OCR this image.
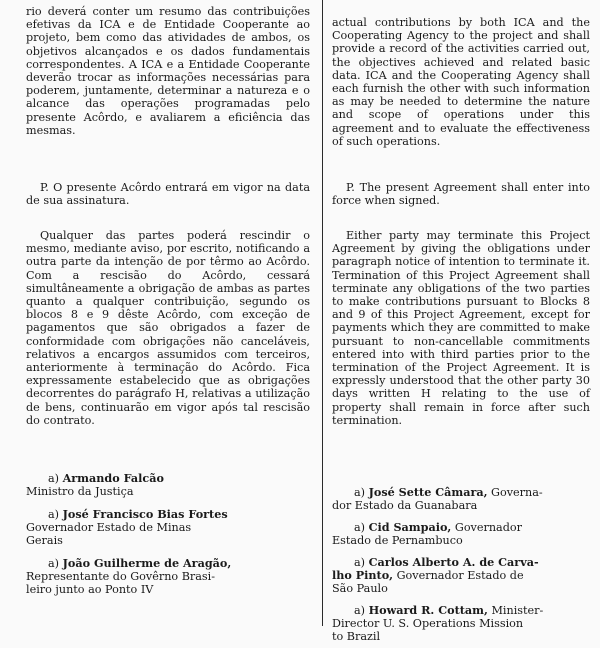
rio deverá conter um resumo das contribuições efetivas da ICA e de Entidade Cooperante ao projeto, bem como das atividades de ambos, os objetivos alcançados e os dados fundamentais correspondentes. A ICA e a Entidade Cooperante deverão trocar as informações necessárias para poderem, juntamente, determinar a natureza e o alcance das operações programadas pelo presente Acôrdo, e avaliarem a eficiência das mesmas.

P. O presente Acôrdo entrará em vigor na data de sua assinatura.

Qualquer das partes poderá rescindir o mesmo, mediante aviso, por escrito, notificando a outra parte da intenção de por têrmo ao Acôrdo. Com a rescisão do Acôrdo, cessará simultâneamente a obrigação de ambas as partes quanto a qualquer contribuição, segundo os blocos 8 e 9 dêste Acôrdo, com exceção de pagamentos que são obrigados a fazer de conformidade com obrigações não canceláveis, relativos a encargos assumidos com terceiros, anteriormente à terminação do Acôrdo. Fica expressamente estabelecido que as obrigações decorrentes do parágrafo H, relativas a utilização de bens, continuarão em vigor após tal rescisão do contrato.

a) Armando Falcão
Ministro da Justiça
a) José Francisco Bias Fortes
Governador Estado de Minas
Gerais
a) João Guilherme de Aragão,
Representante do Govêrno Brasi-
leiro junto ao Ponto IV

actual contributions by both ICA and the Cooperating Agency to the project and shall provide a record of the activities carried out, the objectives achieved and related basic data. ICA and the Cooperating Agency shall each furnish the other with such information as may be needed to determine the nature and scope of operations under this agreement and to evaluate the effectiveness of such operations.

P. The present Agreement shall enter into force when signed.

Either party may terminate this Project Agreement by giving the obligations under paragraph notice of intention to terminate it. Termination of this Project Agreement shall terminate any obligations of the two parties to make contributions pursuant to Blocks 8 and 9 of this Project Agreement, except for payments which they are committed to make pursuant to non-cancellable commitments entered into with third parties prior to the termination of the Project Agreement. It is expressly understood that the other party 30 days written H relating to the use of property shall remain in force after such termination.

a) José Sette Câmara, Governa-
dor Estado da Guanabara
a) Cid Sampaio, Governador
Estado de Pernambuco
a) Carlos Alberto A. de Carva-
lho Pinto, Governador Estado de
São Paulo
a) Howard R. Cottam, Minister-
Director U. S. Operations Mission
to Brazil
